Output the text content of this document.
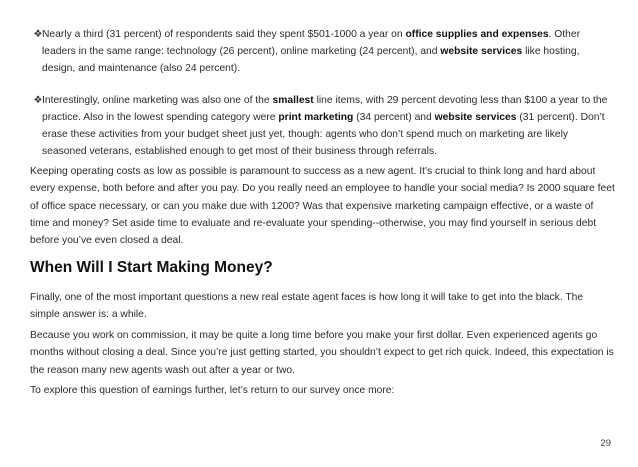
❖ Nearly a third (31 percent) of respondents said they spent $501-1000 a year on office supplies and expenses. Other leaders in the same range: technology (26 percent), online marketing (24 percent), and website services like hosting, design, and maintenance (also 24 percent).
❖ Interestingly, online marketing was also one of the smallest line items, with 29 percent devoting less than $100 a year to the practice. Also in the lowest spending category were print marketing (34 percent) and website services (31 percent). Don’t erase these activities from your budget sheet just yet, though: agents who don’t spend much on marketing are likely seasoned veterans, established enough to get most of their business through referrals.

Keeping operating costs as low as possible is paramount to success as a new agent. It’s crucial to think long and hard about every expense, both before and after you pay. Do you really need an employee to handle your social media? Is 2000 square feet of office space necessary, or can you make due with 1200? Was that expensive marketing campaign effective, or a waste of time and money? Set aside time to evaluate and re-evaluate your spending--otherwise, you may find yourself in serious debt before you’ve even closed a deal.

When Will I Start Making Money?

Finally, one of the most important questions a new real estate agent faces is how long it will take to get into the black. The simple answer is: a while.

Because you work on commission, it may be quite a long time before you make your first dollar. Even experienced agents go months without closing a deal. Since you’re just getting started, you shouldn’t expect to get rich quick. Indeed, this expectation is the reason many new agents wash out after a year or two.

To explore this question of earnings further, let’s return to our survey once more:

29
